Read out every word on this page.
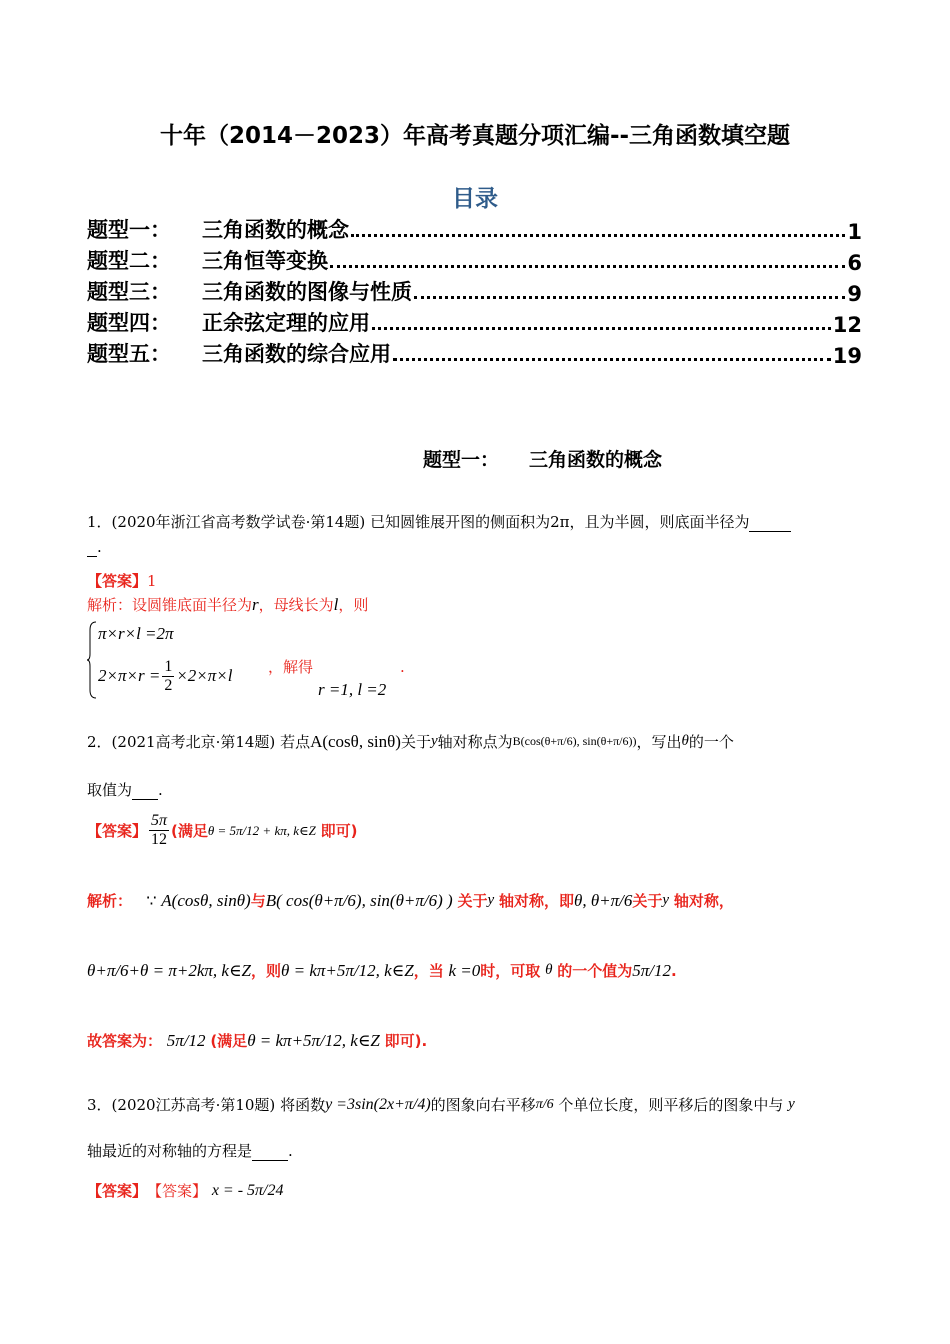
十年（2014－2023）年高考真题分项汇编--三角函数填空题
目录
题型一：	三角函数的概念	1
题型二：	三角恒等变换	6
题型三：	三角函数的图像与性质	9
题型四：	正余弦定理的应用	12
题型五：	三角函数的综合应用	19
题型一： 三角函数的概念
1．(2020年浙江省高考数学试卷·第14题) 已知圆锥展开图的侧面积为2π，且为半圆，则底面半径为
.
【答案】1
解析：设圆锥底面半径为r，母线长为l，则
π×r×l =2π
$2\times\pi\times r = \frac{1}{2} \times 2\times\pi\times l$ ，解得
r =1, l =2
.
2． (2021高考北京·第14题)
若点 A(cosθ, sinθ) 关于 y 轴对称点为 B(cos(θ+π/6), sin(θ+π/6)) ，写出 θ 的一个
取值为 .
【答案】 $\frac{5\pi}{12}$ (满足 θ = 5π/12 + kπ, k∈Z
即可)
解析：
∵
A(cosθ, sinθ) 与 B( cos(θ+π/6), sin(θ+π/6) )
关于 y
轴对称，即 θ, θ+π/6 关于 y
轴对称，
θ+π/6+θ = π+2kπ, k∈Z ，则 θ = kπ+5π/12, k∈Z ，当
k =0 时，可取
θ
的一个值为 5π/12 .
故答案为：
5π/12
(满足 θ = kπ+5π/12, k∈Z
即可).
3． (2020江苏高考·第10题)
将函数 y =3sin(2x+π/4) 的图象向右平移 π/6
个单位长度，则平移后的图象中与
y
轴最近的对称轴的方程是 .
【答案】 【答案】
x = - 5π/24
